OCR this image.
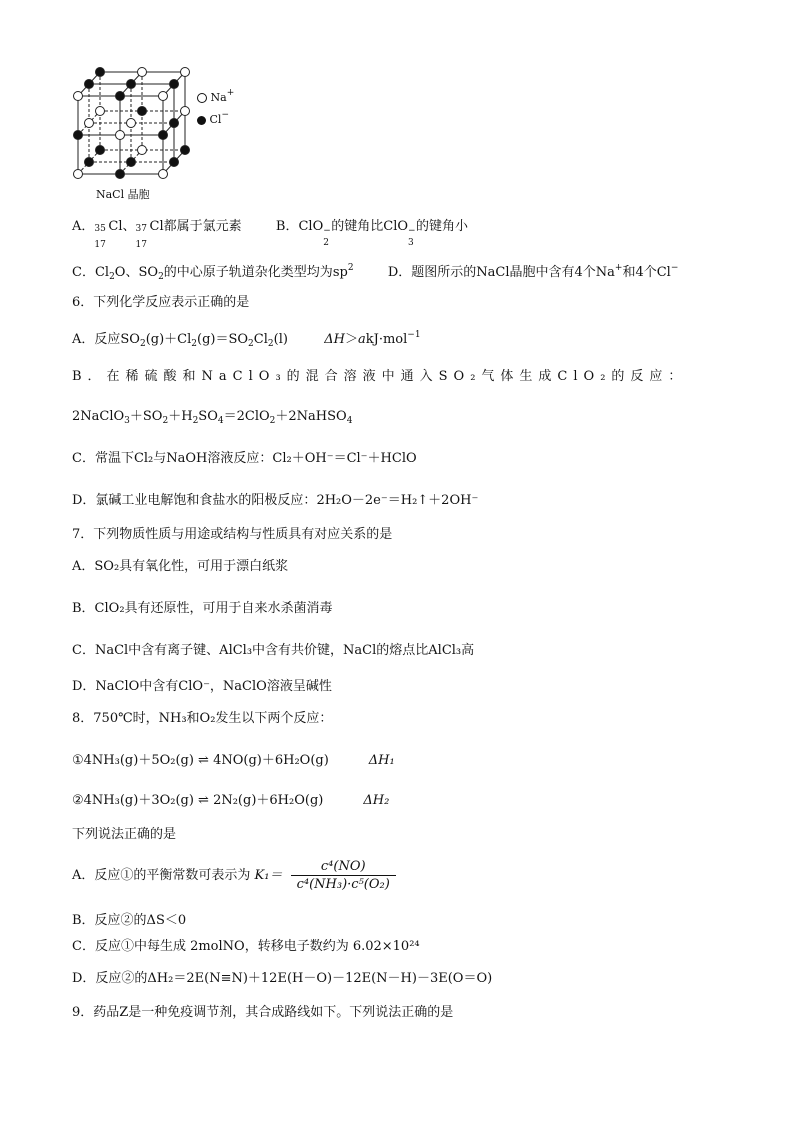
Na+
Cl−
NaCl 晶胞
A． 35
17
Cl、 37
17
Cl都属于氯元素	B．ClO −
2
的键角比ClO −
3
的键角小
C．$Cl_2O$、$SO_2$的中心原子轨道杂化类型均为$sp^2$	D．题图所示的NaCl晶胞中含有4个Na+和4个Cl−
6．下列化学反应表示正确的是
A．反应$SO_2(g)+Cl_2(g)=SO_2Cl_2(l)$	ΔH＞akJ·mol$^{-1}$
B．在稀硫酸和NaClO₃的混合溶液中通入SO₂气体生成ClO₂的反应：
$2NaClO_3+SO_2+H_2SO_4=2ClO_2+2NaHSO_4$
C．常温下Cl₂与NaOH溶液反应：Cl₂＋OH⁻＝Cl⁻＋HClO
D．氯碱工业电解饱和食盐水的阳极反应：2H₂O－2e⁻＝H₂↑＋2OH⁻
7．下列物质性质与用途或结构与性质具有对应关系的是
A．SO₂具有氧化性，可用于漂白纸浆
B．ClO₂具有还原性，可用于自来水杀菌消毒
C．NaCl中含有离子键、AlCl₃中含有共价键，NaCl的熔点比AlCl₃高
D．NaClO中含有ClO⁻，NaClO溶液呈碱性
8．750℃时，NH₃和O₂发生以下两个反应：
①4NH₃(g)＋5O₂(g) ⇌ 4NO(g)＋6H₂O(g)	ΔH₁
②4NH₃(g)＋3O₂(g) ⇌ 2N₂(g)＋6H₂O(g)	ΔH₂
下列说法正确的是
A．反应①的平衡常数可表示为 $K_1= \frac{\text{c⁴(NO)}}{\text{c⁴(NH₃)·c⁵(O₂)}}$
B．反应②的ΔS＜0
C．反应①中每生成 2molNO，转移电子数约为 6.02×10²⁴
D．反应②的ΔH₂＝2E(N≡N)＋12E(H－O)－12E(N－H)－3E(O＝O)
9．药品Z是一种免疫调节剂，其合成路线如下。下列说法正确的是
